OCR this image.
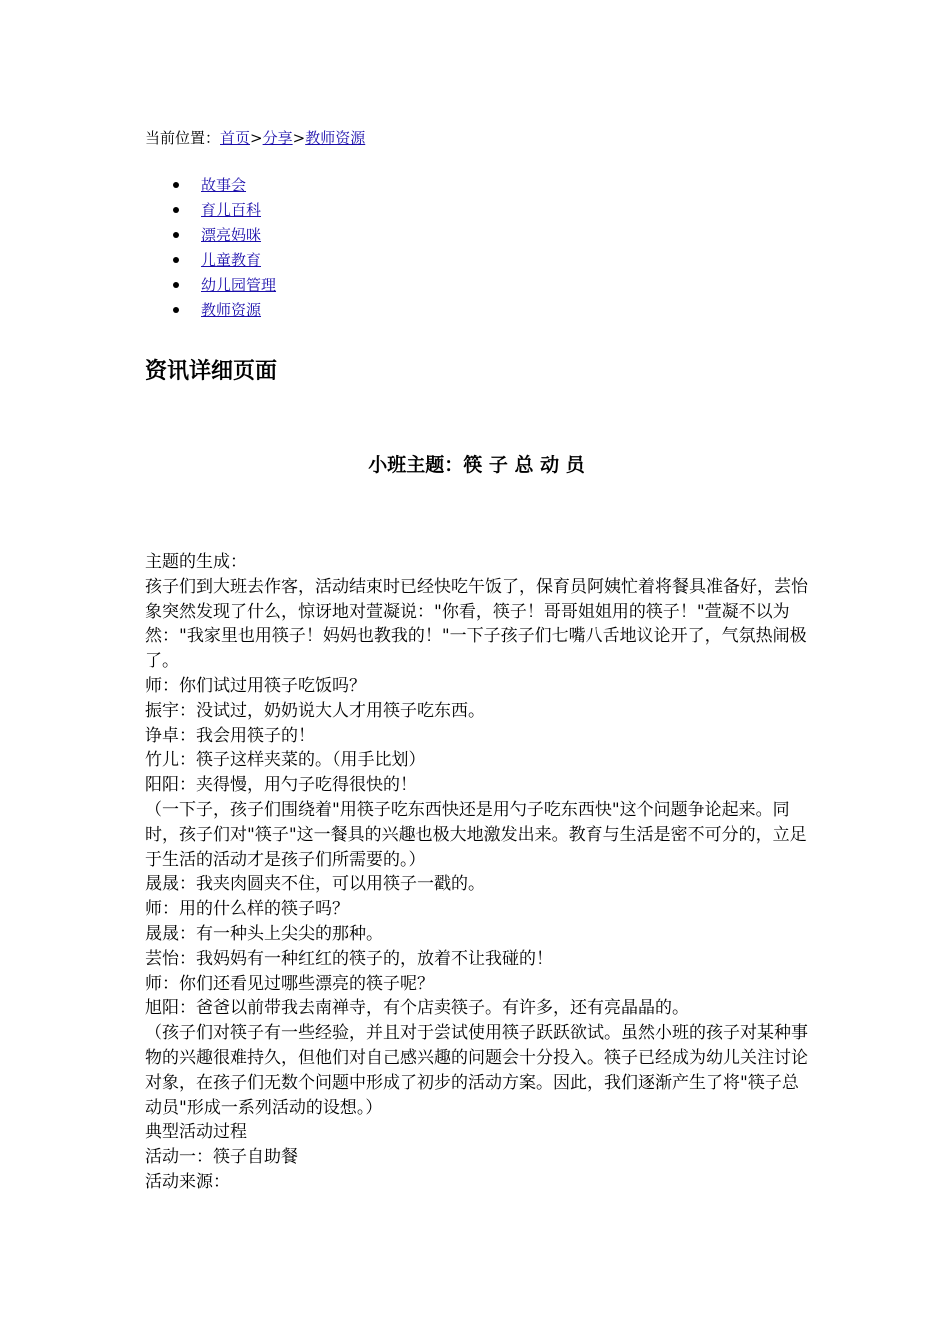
当前位置：首页>分享>教师资源
故事会
育儿百科
漂亮妈咪
儿童教育
幼儿园管理
教师资源
资讯详细页面
小班主题：筷 子 总 动 员

主题的生成：

孩子们到大班去作客，活动结束时已经快吃午饭了，保育员阿姨忙着将餐具准备好，芸怡象突然发现了什么，惊讶地对萱凝说："你看，筷子！哥哥姐姐用的筷子！"萱凝不以为然："我家里也用筷子！妈妈也教我的！"一下子孩子们七嘴八舌地议论开了，气氛热闹极了。

师：你们试过用筷子吃饭吗？

振宇：没试过，奶奶说大人才用筷子吃东西。

诤卓：我会用筷子的！

竹儿：筷子这样夹菜的。（用手比划）

阳阳：夹得慢，用勺子吃得很快的！

（一下子，孩子们围绕着"用筷子吃东西快还是用勺子吃东西快"这个问题争论起来。同时，孩子们对"筷子"这一餐具的兴趣也极大地激发出来。教育与生活是密不可分的，立足于生活的活动才是孩子们所需要的。）

晟晟：我夹肉圆夹不住，可以用筷子一戳的。

师：用的什么样的筷子吗？

晟晟：有一种头上尖尖的那种。

芸怡：我妈妈有一种红红的筷子的，放着不让我碰的！

师：你们还看见过哪些漂亮的筷子呢？

旭阳：爸爸以前带我去南禅寺，有个店卖筷子。有许多，还有亮晶晶的。

（孩子们对筷子有一些经验，并且对于尝试使用筷子跃跃欲试。虽然小班的孩子对某种事物的兴趣很难持久，但他们对自己感兴趣的问题会十分投入。筷子已经成为幼儿关注讨论对象，在孩子们无数个问题中形成了初步的活动方案。因此，我们逐渐产生了将"筷子总动员"形成一系列活动的设想。）

典型活动过程

活动一：筷子自助餐

活动来源：
